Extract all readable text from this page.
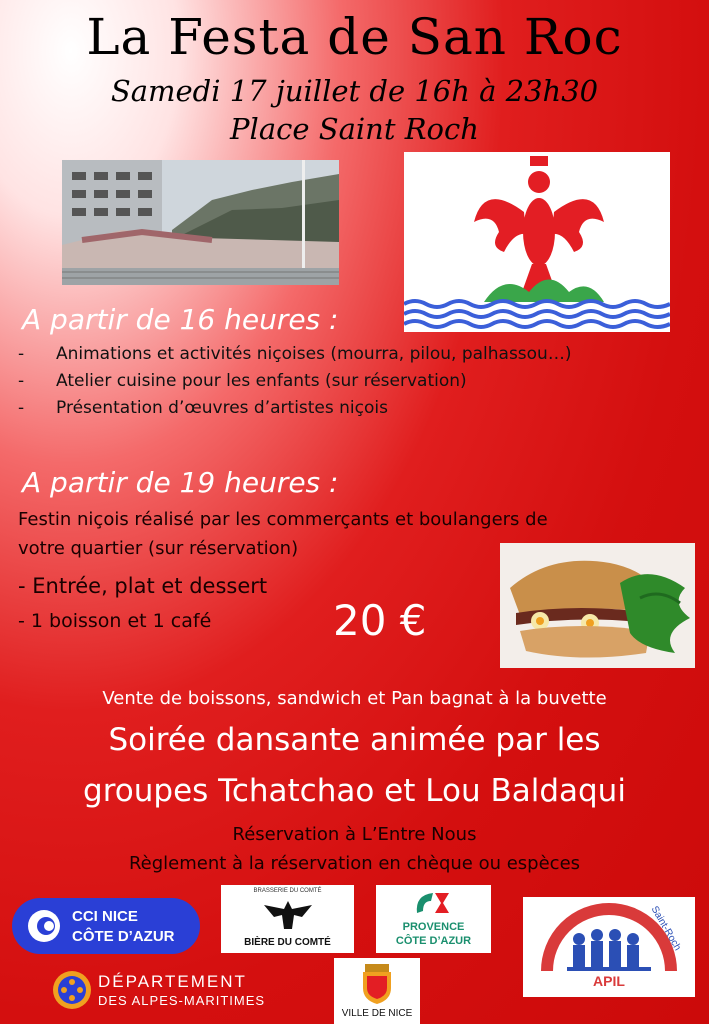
La Festa de San Roc
Samedi 17 juillet de 16h à 23h30
Place Saint Roch
A partir de 16 heures :
- Animations et activités niçoises (mourra, pilou, palhassou…)
- Atelier cuisine pour les enfants (sur réservation)
- Présentation d’œuvres d’artistes niçois
A partir de 19 heures :
Festin niçois réalisé par les commerçants et boulangers de
votre quartier (sur réservation)
- Entrée, plat et dessert
- 1 boisson et 1 café	20 €
Vente de boissons, sandwich et Pan bagnat à la buvette
Soirée dansante animée par les
groupes Tchatchao et Lou Baldaqui
Réservation à L’Entre Nous
Règlement à la réservation en chèque ou espèces
CCI NICE
CÔTE D’AZUR
BRASSERIE DU COMTÉ
BIÈRE DU COMTÉ
PROVENCE
CÔTE D’AZUR	Saint-Roch
APIL
DÉPARTEMENT
DES ALPES-MARITIMES
VILLE DE NICE
